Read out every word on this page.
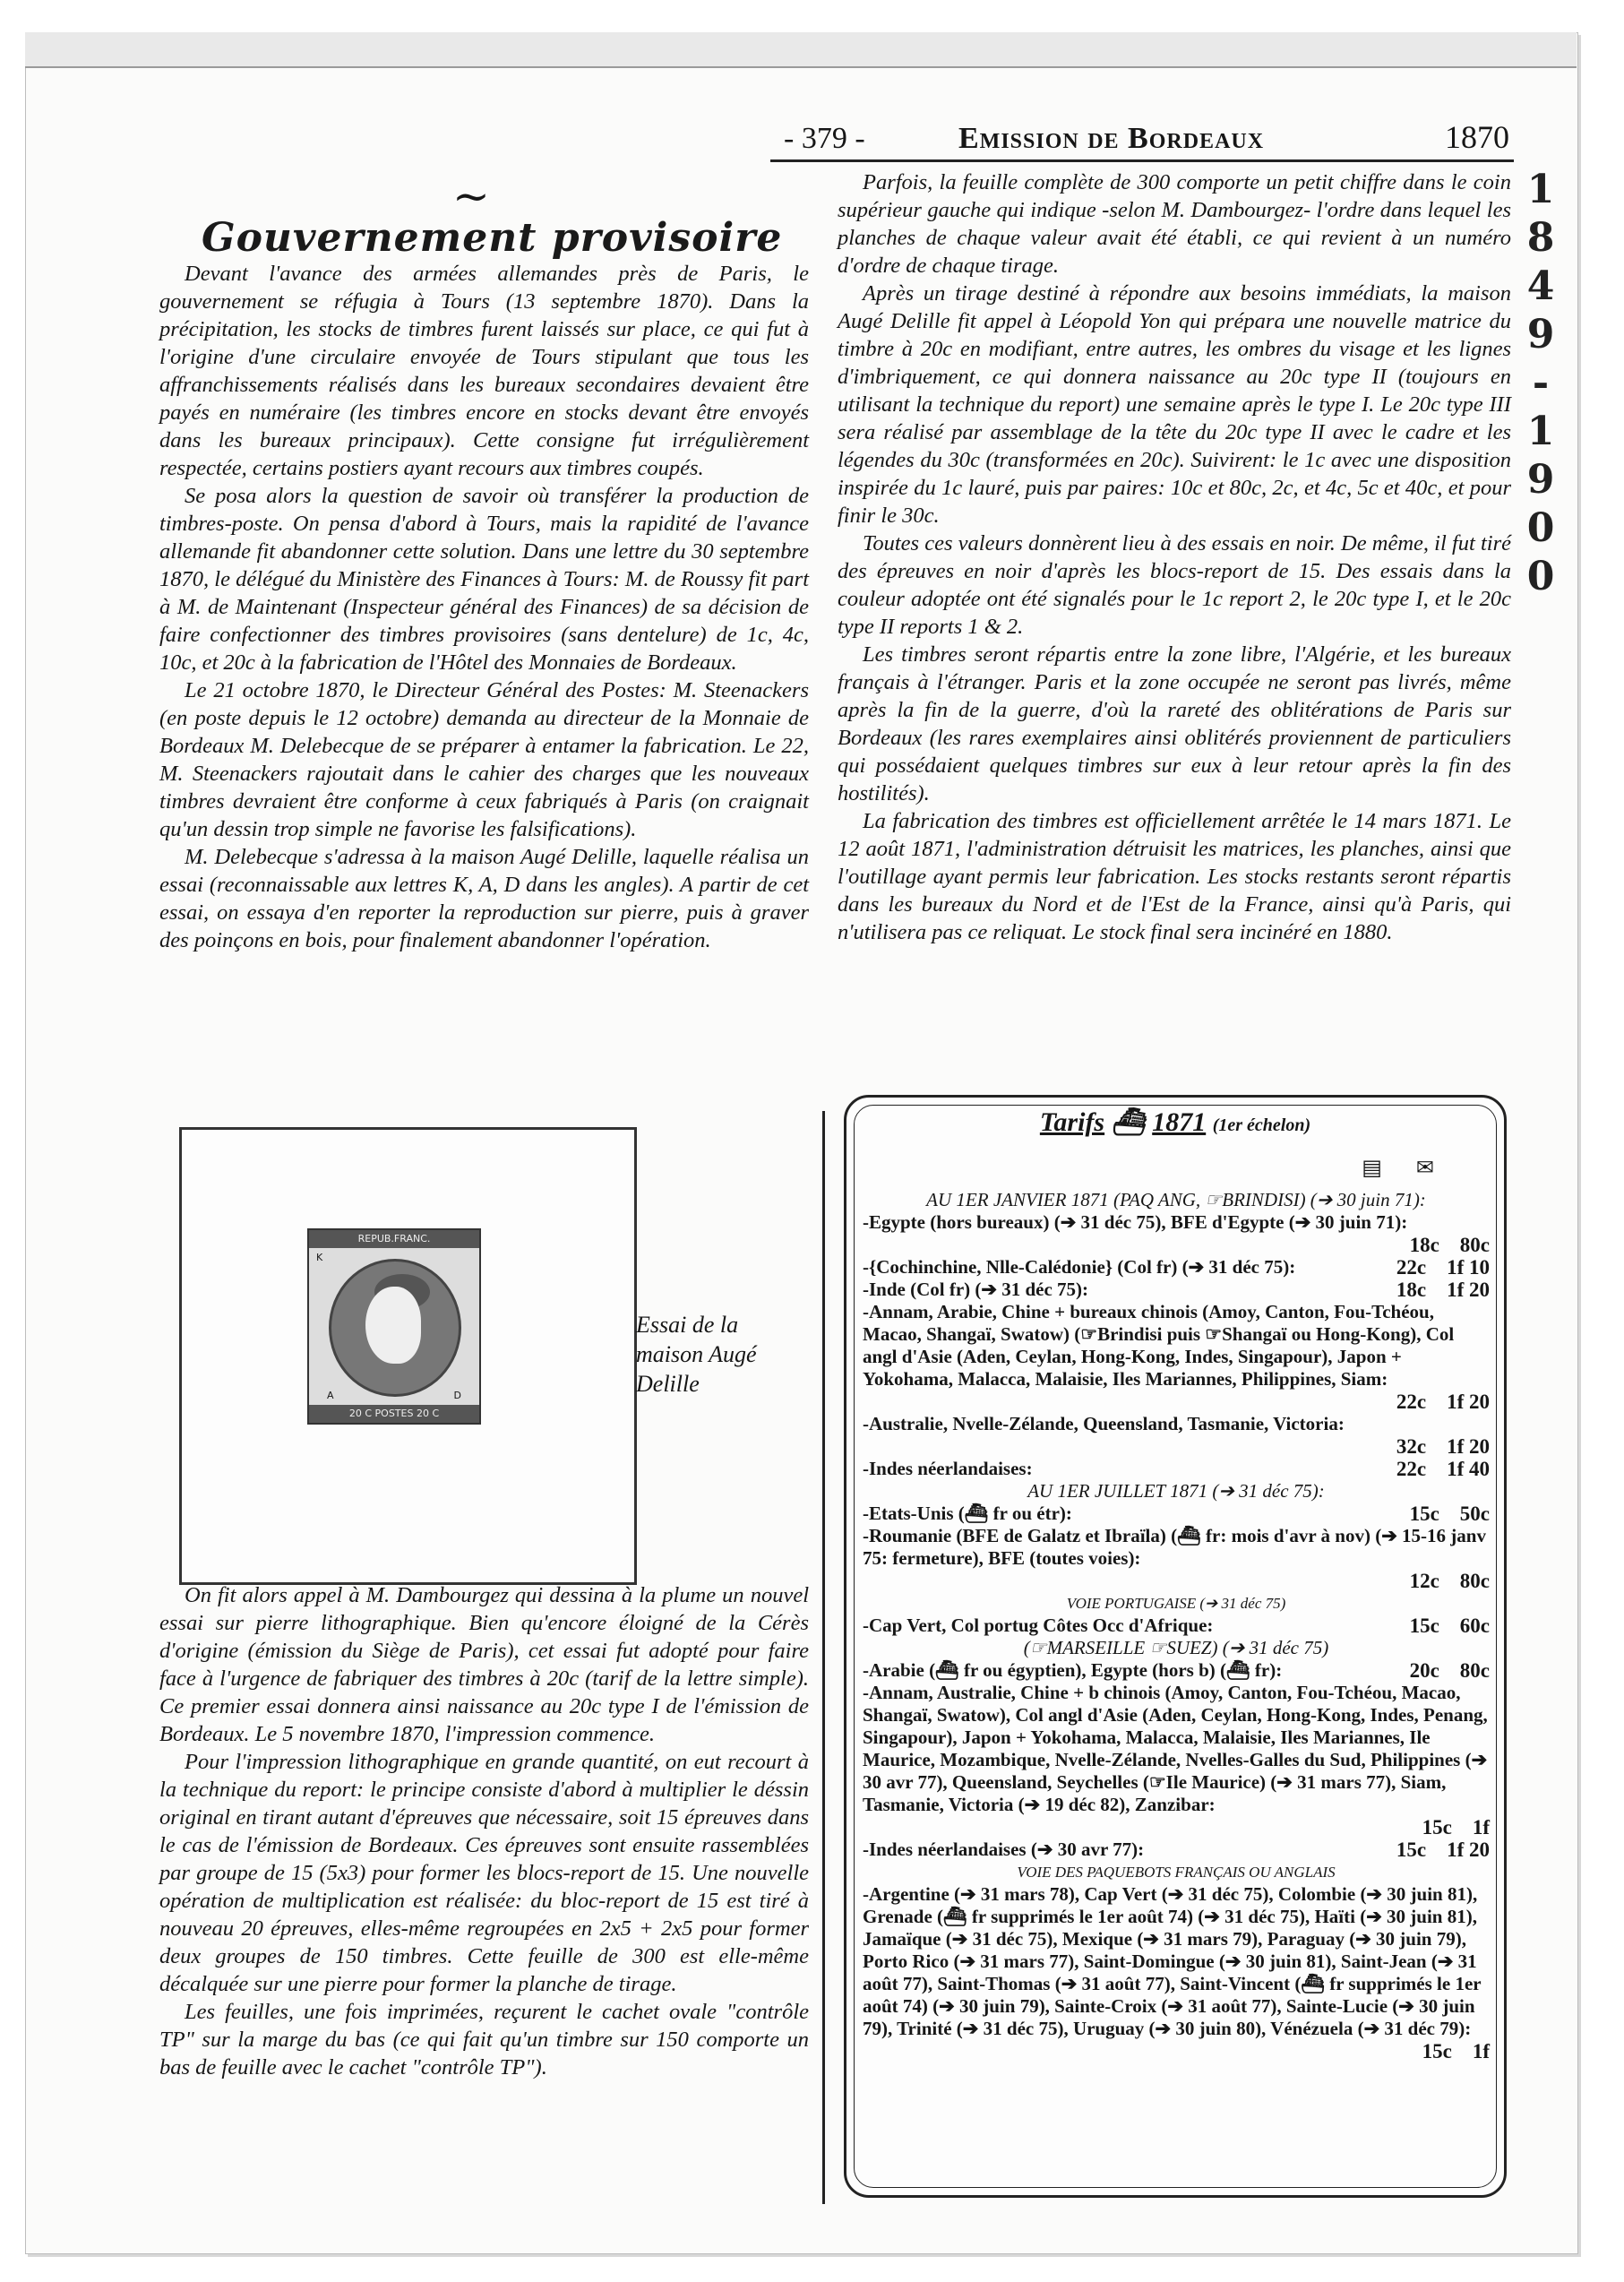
- 379 -	Emission de Bordeaux	1870
1
8
4
9
-
1
9
0
0
~
Gouvernement provisoire

Devant l'avance des armées allemandes près de Paris, le gouvernement se réfugia à Tours (13 septembre 1870). Dans la précipitation, les stocks de timbres furent laissés sur place, ce qui fut à l'origine d'une circulaire envoyée de Tours stipulant que tous les affranchissements réalisés dans les bureaux secondaires devaient être payés en numéraire (les timbres encore en stocks devant être envoyés dans les bureaux principaux). Cette consigne fut irrégulièrement respectée, certains postiers ayant recours aux timbres coupés.

Se posa alors la question de savoir où transférer la production de timbres-poste. On pensa d'abord à Tours, mais la rapidité de l'avance allemande fit abandonner cette solution. Dans une lettre du 30 septembre 1870, le délégué du Ministère des Finances à Tours: M. de Roussy fit part à M. de Maintenant (Inspecteur général des Finances) de sa décision de faire confectionner des timbres provisoires (sans dentelure) de 1c, 4c, 10c, et 20c à la fabrication de l'Hôtel des Monnaies de Bordeaux.

Le 21 octobre 1870, le Directeur Général des Postes: M. Steenackers (en poste depuis le 12 octobre) demanda au directeur de la Monnaie de Bordeaux M. Delebecque de se préparer à entamer la fabrication. Le 22, M. Steenackers rajoutait dans le cahier des charges que les nouveaux timbres devraient être conforme à ceux fabriqués à Paris (on craignait qu'un dessin trop simple ne favorise les falsifications).

M. Delebecque s'adressa à la maison Augé Delille, laquelle réalisa un essai (reconnaissable aux lettres K, A, D dans les angles). A partir de cet essai, on essaya d'en reporter la reproduction sur pierre, puis à graver des poinçons en bois, pour finalement abandonner l'opération.

REPUB.FRANC.
K
A	D
20 C POSTES 20 C
Essai de la maison Augé Delille

On fit alors appel à M. Dambourgez qui dessina à la plume un nouvel essai sur pierre lithographique. Bien qu'encore éloigné de la Cérès d'origine (émission du Siège de Paris), cet essai fut adopté pour faire face à l'urgence de fabriquer des timbres à 20c (tarif de la lettre simple). Ce premier essai donnera ainsi naissance au 20c type I de l'émission de Bordeaux. Le 5 novembre 1870, l'impression commence.

Pour l'impression lithographique en grande quantité, on eut recourt à la technique du report: le principe consiste d'abord à multiplier le déssin original en tirant autant d'épreuves que nécessaire, soit 15 épreuves dans le cas de l'émission de Bordeaux. Ces épreuves sont ensuite rassemblées par groupe de 15 (5x3) pour former les blocs-report de 15. Une nouvelle opération de multiplication est réalisée: du bloc-report de 15 est tiré à nouveau 20 épreuves, elles-même regroupées en 2x5 + 2x5 pour former deux groupes de 150 timbres. Cette feuille de 300 est elle-même décalquée sur une pierre pour former la planche de tirage.

Les feuilles, une fois imprimées, reçurent le cachet ovale "contrôle TP" sur la marge du bas (ce qui fait qu'un timbre sur 150 comporte un bas de feuille avec le cachet "contrôle TP").

Parfois, la feuille complète de 300 comporte un petit chiffre dans le coin supérieur gauche qui indique -selon M. Dambourgez- l'ordre dans lequel les planches de chaque valeur avait été établi, ce qui revient à un numéro d'ordre de chaque tirage.

Après un tirage destiné à répondre aux besoins immédiats, la maison Augé Delille fit appel à Léopold Yon qui prépara une nouvelle matrice du timbre à 20c en modifiant, entre autres, les ombres du visage et les lignes d'imbriquement, ce qui donnera naissance au 20c type II (toujours en utilisant la technique du report) une semaine après le type I. Le 20c type III sera réalisé par assemblage de la tête du 20c type II avec le cadre et les légendes du 30c (transformées en 20c). Suivirent: le 1c avec une disposition inspirée du 1c lauré, puis par paires: 10c et 80c, 2c, et 4c, 5c et 40c, et pour finir le 30c.

Toutes ces valeurs donnèrent lieu à des essais en noir. De même, il fut tiré des épreuves en noir d'après les blocs-report de 15. Des essais dans la couleur adoptée ont été signalés pour le 1c report 2, le 20c type I, et le 20c type II reports 1 & 2.

Les timbres seront répartis entre la zone libre, l'Algérie, et les bureaux français à l'étranger. Paris et la zone occupée ne seront pas livrés, même après la fin de la guerre, d'où la rareté des oblitérations de Paris sur Bordeaux (les rares exemplaires ainsi oblitérés proviennent de particuliers qui possédaient quelques timbres sur eux à leur retour après la fin des hostilités).

La fabrication des timbres est officiellement arrêtée le 14 mars 1871. Le 12 août 1871, l'administration détruisit les matrices, les planches, ainsi que l'outillage ayant permis leur fabrication. Les stocks restants seront répartis dans les bureaux du Nord et de l'Est de la France, ainsi qu'à Paris, qui n'utilisera pas ce reliquat. Le stock final sera incinéré en 1880.

Tarifs ⛴ 1871 (1er échelon)
▤✉
AU 1ER JANVIER 1871 (PAQ ANG, ☞BRINDISI) (➔ 30 juin 71):
-Egypte (hors bureaux) (➔ 31 déc 75), BFE d'Egypte (➔ 30 juin 71):
18c    80c
-{Cochinchine, Nlle-Calédonie} (Col fr) (➔ 31 déc 75):	22c    1f 10
-Inde (Col fr) (➔ 31 déc 75):	18c    1f 20
-Annam, Arabie, Chine + bureaux chinois (Amoy, Canton, Fou-Tchéou, Macao, Shangaï, Swatow) (☞Brindisi puis ☞Shangaï ou Hong-Kong), Col angl d'Asie (Aden, Ceylan, Hong-Kong, Indes, Singapour), Japon + Yokohama, Malacca, Malaisie, Iles Mariannes, Philippines, Siam:
22c    1f 20
-Australie, Nvelle-Zélande, Queensland, Tasmanie, Victoria:
32c    1f 20
-Indes néerlandaises:	22c    1f 40
AU 1ER JUILLET 1871 (➔ 31 déc 75):
-Etats-Unis (⛴ fr ou étr):	15c    50c
-Roumanie (BFE de Galatz et Ibraïla) (⛴ fr: mois d'avr à nov) (➔ 15-16 janv 75: fermeture), BFE (toutes voies):
12c    80c
VOIE PORTUGAISE (➔ 31 déc 75)
-Cap Vert, Col portug Côtes Occ d'Afrique:	15c    60c
(☞MARSEILLE ☞SUEZ) (➔ 31 déc 75)
-Arabie (⛴ fr ou égyptien), Egypte (hors b) (⛴ fr):	20c    80c
-Annam, Australie, Chine + b chinois (Amoy, Canton, Fou-Tchéou, Macao, Shangaï, Swatow), Col angl d'Asie (Aden, Ceylan, Hong-Kong, Indes, Penang, Singapour), Japon + Yokohama, Malacca, Malaisie, Iles Mariannes, Ile Maurice, Mozambique, Nvelle-Zélande, Nvelles-Galles du Sud, Philippines (➔ 30 avr 77), Queensland, Seychelles (☞Ile Maurice) (➔ 31 mars 77), Siam, Tasmanie, Victoria (➔ 19 déc 82), Zanzibar:
15c    1f
-Indes néerlandaises (➔ 30 avr 77):	15c    1f 20
VOIE DES PAQUEBOTS FRANÇAIS OU ANGLAIS
-Argentine (➔ 31 mars 78), Cap Vert (➔ 31 déc 75), Colombie (➔ 30 juin 81), Grenade (⛴ fr supprimés le 1er août 74) (➔ 31 déc 75), Haïti (➔ 30 juin 81), Jamaïque (➔ 31 déc 75), Mexique (➔ 31 mars 79), Paraguay (➔ 30 juin 79), Porto Rico (➔ 31 mars 77), Saint-Domingue (➔ 30 juin 81), Saint-Jean (➔ 31 août 77), Saint-Thomas (➔ 31 août 77), Saint-Vincent (⛴ fr supprimés le 1er août 74) (➔ 30 juin 79), Sainte-Croix (➔ 31 août 77), Sainte-Lucie (➔ 30 juin 79), Trinité (➔ 31 déc 75), Uruguay (➔ 30 juin 80), Vénézuela (➔ 31 déc 79):
15c    1f
